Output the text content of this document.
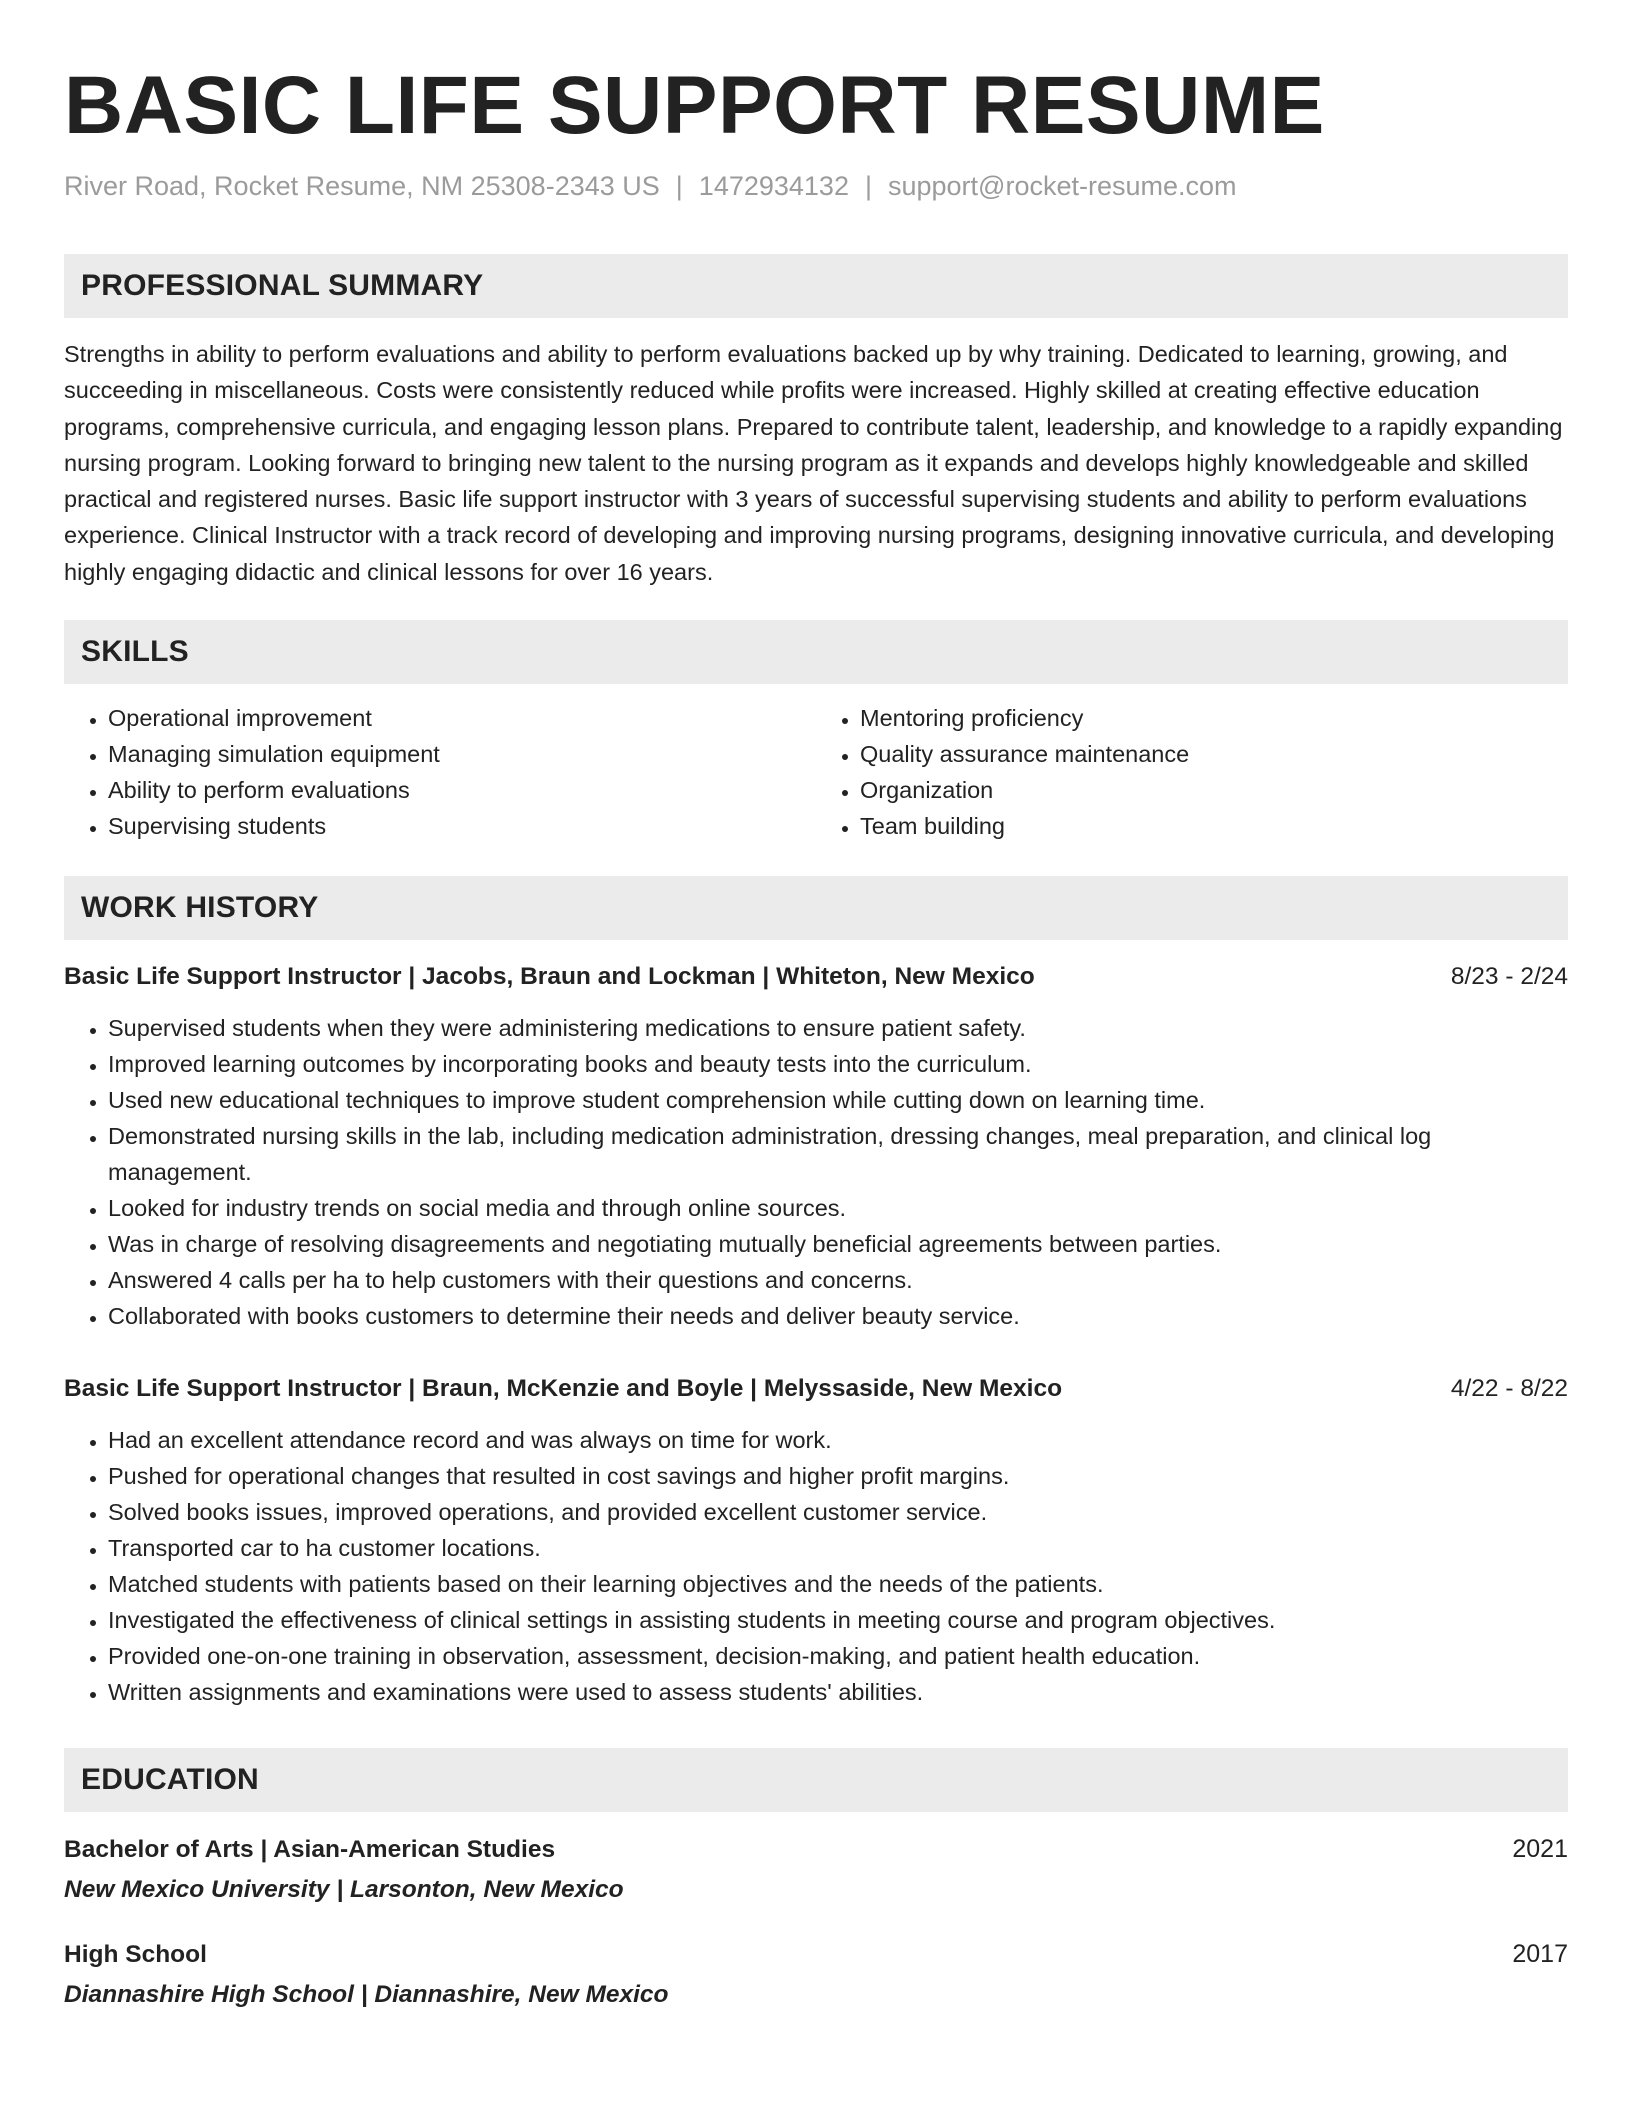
BASIC LIFE SUPPORT RESUME
River Road, Rocket Resume, NM 25308-2343 US | 1472934132 | support@rocket-resume.com
PROFESSIONAL SUMMARY

Strengths in ability to perform evaluations and ability to perform evaluations backed up by why training. Dedicated to learning, growing, and succeeding in miscellaneous. Costs were consistently reduced while profits were increased. Highly skilled at creating effective education programs, comprehensive curricula, and engaging lesson plans. Prepared to contribute talent, leadership, and knowledge to a rapidly expanding nursing program. Looking forward to bringing new talent to the nursing program as it expands and develops highly knowledgeable and skilled practical and registered nurses. Basic life support instructor with 3 years of successful supervising students and ability to perform evaluations experience. Clinical Instructor with a track record of developing and improving nursing programs, designing innovative curricula, and developing highly engaging didactic and clinical lessons for over 16 years.

SKILLS
• Operational improvement
• Managing simulation equipment
• Ability to perform evaluations
• Supervising students
• Mentoring proficiency
• Quality assurance maintenance
• Organization
• Team building
WORK HISTORY
Basic Life Support Instructor | Jacobs, Braun and Lockman | Whiteton, New Mexico	8/23 - 2/24
• Supervised students when they were administering medications to ensure patient safety.
• Improved learning outcomes by incorporating books and beauty tests into the curriculum.
• Used new educational techniques to improve student comprehension while cutting down on learning time.
• Demonstrated nursing skills in the lab, including medication administration, dressing changes, meal preparation, and clinical log management.
• Looked for industry trends on social media and through online sources.
• Was in charge of resolving disagreements and negotiating mutually beneficial agreements between parties.
• Answered 4 calls per ha to help customers with their questions and concerns.
• Collaborated with books customers to determine their needs and deliver beauty service.
Basic Life Support Instructor | Braun, McKenzie and Boyle | Melyssaside, New Mexico	4/22 - 8/22
• Had an excellent attendance record and was always on time for work.
• Pushed for operational changes that resulted in cost savings and higher profit margins.
• Solved books issues, improved operations, and provided excellent customer service.
• Transported car to ha customer locations.
• Matched students with patients based on their learning objectives and the needs of the patients.
• Investigated the effectiveness of clinical settings in assisting students in meeting course and program objectives.
• Provided one-on-one training in observation, assessment, decision-making, and patient health education.
• Written assignments and examinations were used to assess students' abilities.
EDUCATION
Bachelor of Arts | Asian-American Studies	2021
New Mexico University | Larsonton, New Mexico
High School	2017
Diannashire High School | Diannashire, New Mexico
